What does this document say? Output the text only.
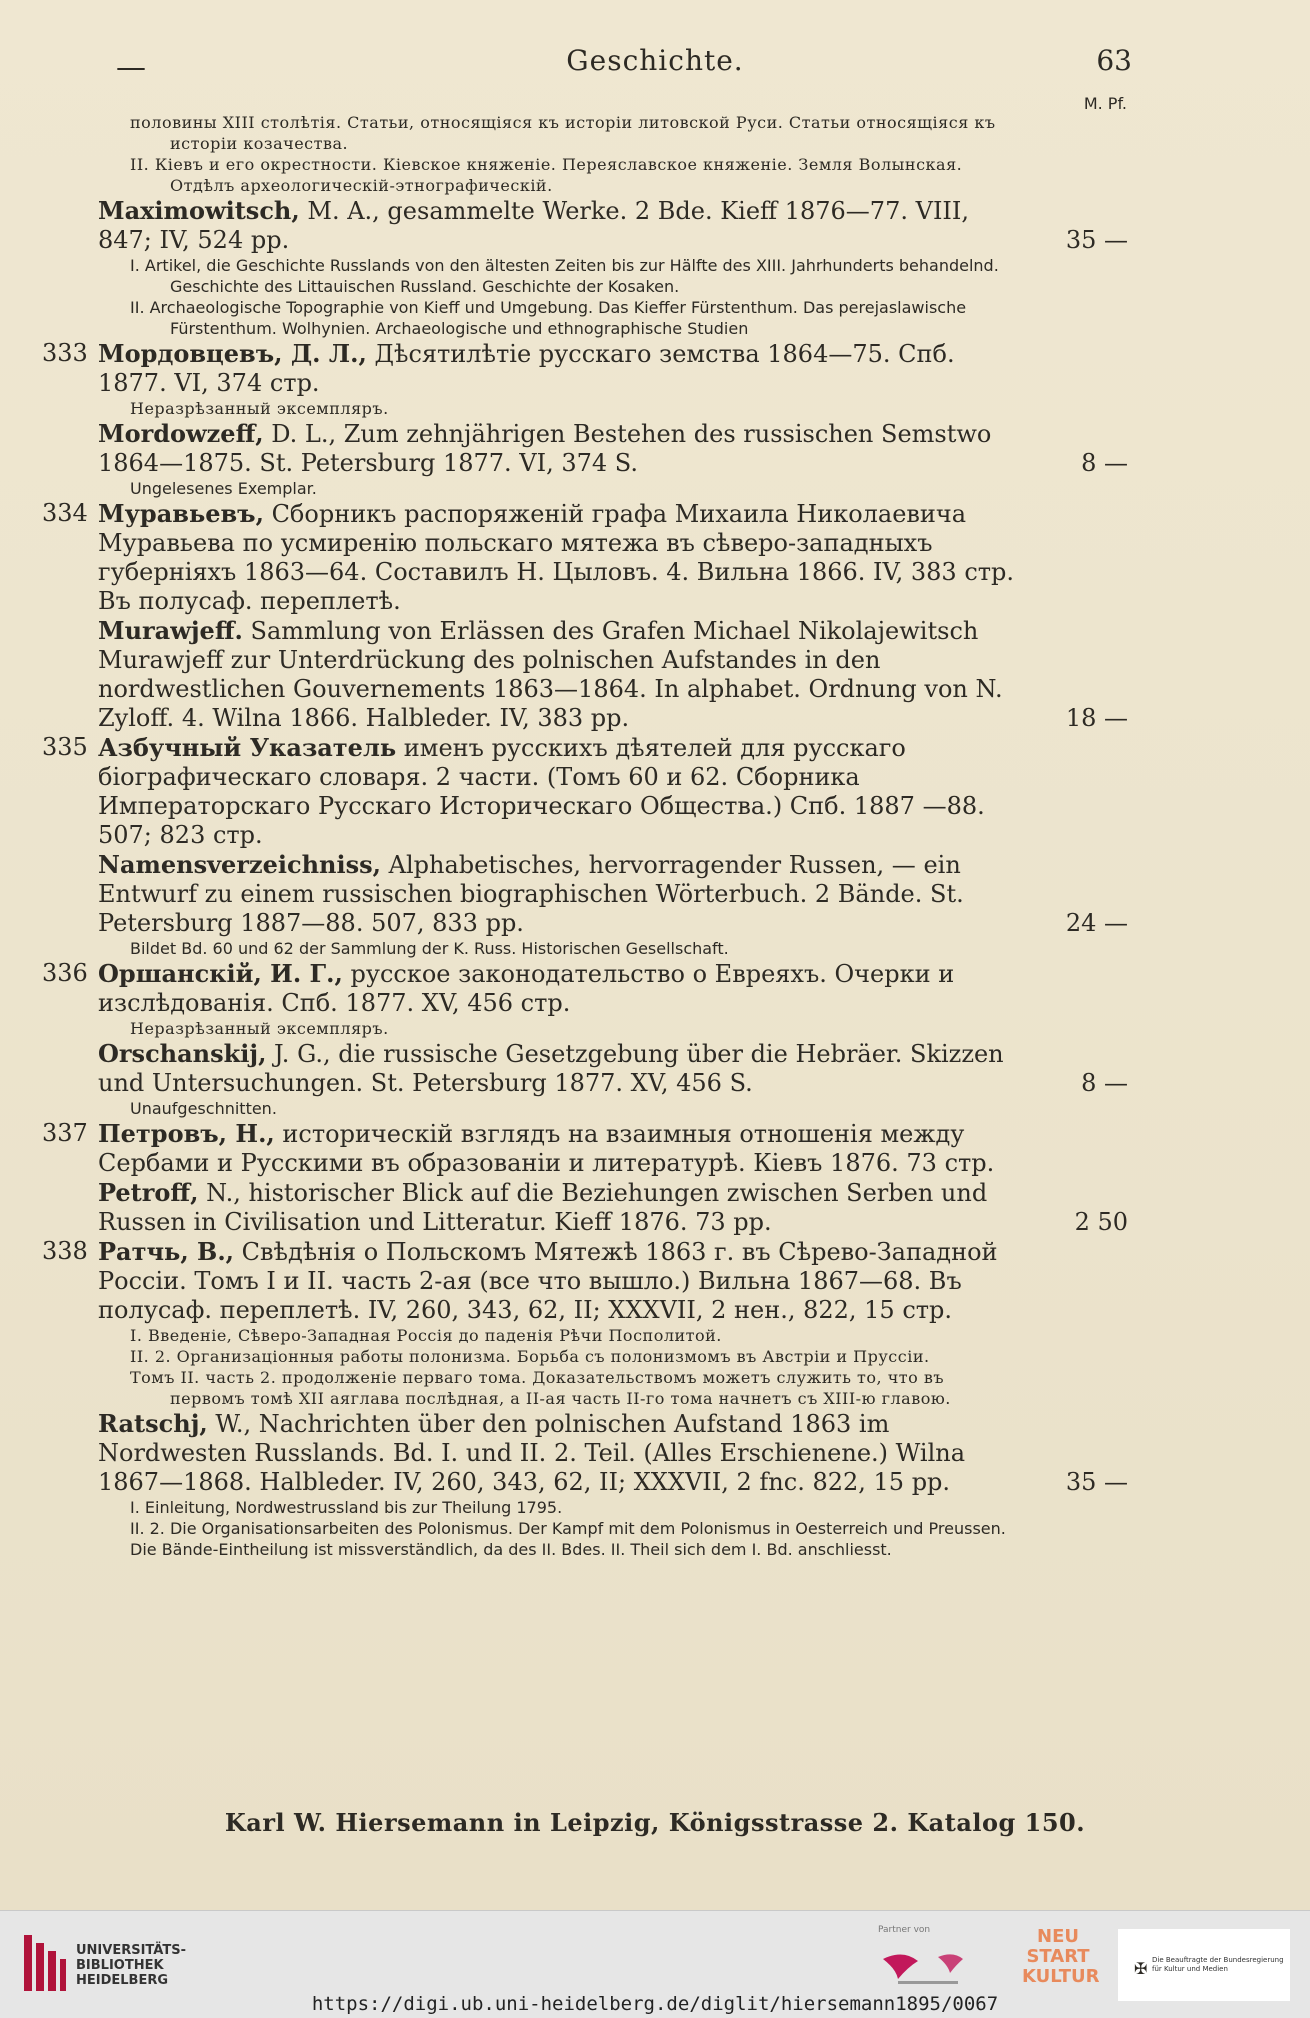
—	Geschichte.	63
M. Pf.

половины XIII столѣтія. Статьи, относящіяся къ исторіи литовской Руси. Статьи относящіяся къ исторіи козачества.

II. Кіевъ и его окрестности. Кіевское княженіе. Переяславское княженіе. Земля Волынская. Отдѣлъ археологическій-этнографическій.

Maximowitsch, M. A., gesammelte Werke. 2 Bde. Kieff 1876—77. VIII, 847; IV, 524 pp.	35 —

I. Artikel, die Geschichte Russlands von den ältesten Zeiten bis zur Hälfte des XIII. Jahrhunderts behandelnd. Geschichte des Littauischen Russland. Geschichte der Kosaken.

II. Archaeologische Topographie von Kieff und Umgebung. Das Kieffer Fürstenthum. Das perejaslawische Fürstenthum. Wolhynien. Archaeologische und ethnographische Studien

333 Мордовцевъ, Д. Л., Дѣсятилѣтіе русскаго земства 1864—75. Спб. 1877. VI, 374 стр.

Неразрѣзанный эксемпляръ.

Mordowzeff, D. L., Zum zehnjährigen Bestehen des russischen Semstwo 1864—1875. St. Petersburg 1877. VI, 374 S.	8 —

Ungelesenes Exemplar.

334 Муравьевъ, Сборникъ распоряженій графа Михаила Николаевича Муравьева по усмиренію польскаго мятежа въ сѣверо-западныхъ губерніяхъ 1863—64. Составилъ Н. Цыловъ. 4. Вильна 1866. IV, 383 стр. Въ полусаф. переплетѣ.

Murawjeff. Sammlung von Erlässen des Grafen Michael Nikolajewitsch Murawjeff zur Unterdrückung des polnischen Aufstandes in den nordwestlichen Gouvernements 1863—1864. In alphabet. Ordnung von N. Zyloff. 4. Wilna 1866. Halbleder. IV, 383 pp.	18 —

335 Азбучный Указатель именъ русскихъ дѣятелей для русскаго біографическаго словаря. 2 части. (Томъ 60 и 62. Сборника Императорскаго Русскаго Историческаго Общества.) Спб. 1887 —88. 507; 823 стр.

Namensverzeichniss, Alphabetisches, hervorragender Russen, — ein Entwurf zu einem russischen biographischen Wörterbuch. 2 Bände. St. Petersburg 1887—88. 507, 833 pp.	24 —

Bildet Bd. 60 und 62 der Sammlung der K. Russ. Historischen Gesellschaft.

336 Оршанскій, И. Г., русское законодательство о Евреяхъ. Очерки и изслѣдованія. Спб. 1877. XV, 456 стр.

Неразрѣзанный эксемпляръ.

Orschanskij, J. G., die russische Gesetzgebung über die Hebräer. Skizzen und Untersuchungen. St. Petersburg 1877. XV, 456 S.	8 —

Unaufgeschnitten.

337 Петровъ, Н., историческій взглядъ на взаимныя отношенія между Сербами и Русскими въ образованіи и литературѣ. Кіевъ 1876. 73 стр.

Petroff, N., historischer Blick auf die Beziehungen zwischen Serben und Russen in Civilisation und Litteratur. Kieff 1876. 73 pp.	2 50

338 Ратчь, В., Свѣдѣнія о Польскомъ Мятежѣ 1863 г. въ Сѣрево-Западной Россіи. Томъ I и II. часть 2-ая (все что вышло.) Вильна 1867—68. Въ полусаф. переплетѣ. IV, 260, 343, 62, II; XXXVII, 2 нен., 822, 15 стр.

I. Введеніе, Сѣверо-Западная Россія до паденія Рѣчи Посполитой.

II. 2. Организаціонныя работы полонизма. Борьба съ полонизмомъ въ Австріи и Пруссіи.

Томъ II. часть 2. продолженіе перваго тома. Доказательствомъ можетъ служить то, что въ первомъ томѣ XII аяглава послѣдная, а II-ая часть II-го тома начнетъ съ XIII-ю главою.

Ratschj, W., Nachrichten über den polnischen Aufstand 1863 im Nordwesten Russlands. Bd. I. und II. 2. Teil. (Alles Erschienene.) Wilna 1867—1868. Halbleder. IV, 260, 343, 62, II; XXXVII, 2 fnc. 822, 15 pp.	35 —

I. Einleitung, Nordwestrussland bis zur Theilung 1795.

II. 2. Die Organisationsarbeiten des Polonismus. Der Kampf mit dem Polonismus in Oesterreich und Preussen.

Die Bände-Eintheilung ist missverständlich, da des II. Bdes. II. Theil sich dem I. Bd. anschliesst.

Karl W. Hiersemann in Leipzig, Königsstrasse 2. Katalog 150.
UNIVERSITÄTS-
BIBLIOTHEK
HEIDELBERG
Partner von	NEU
START
KULTUR ✠ Die Beauftragte der Bundesregierung für Kultur und Medien
https://digi.ub.uni-heidelberg.de/diglit/hiersemann1895/0067
